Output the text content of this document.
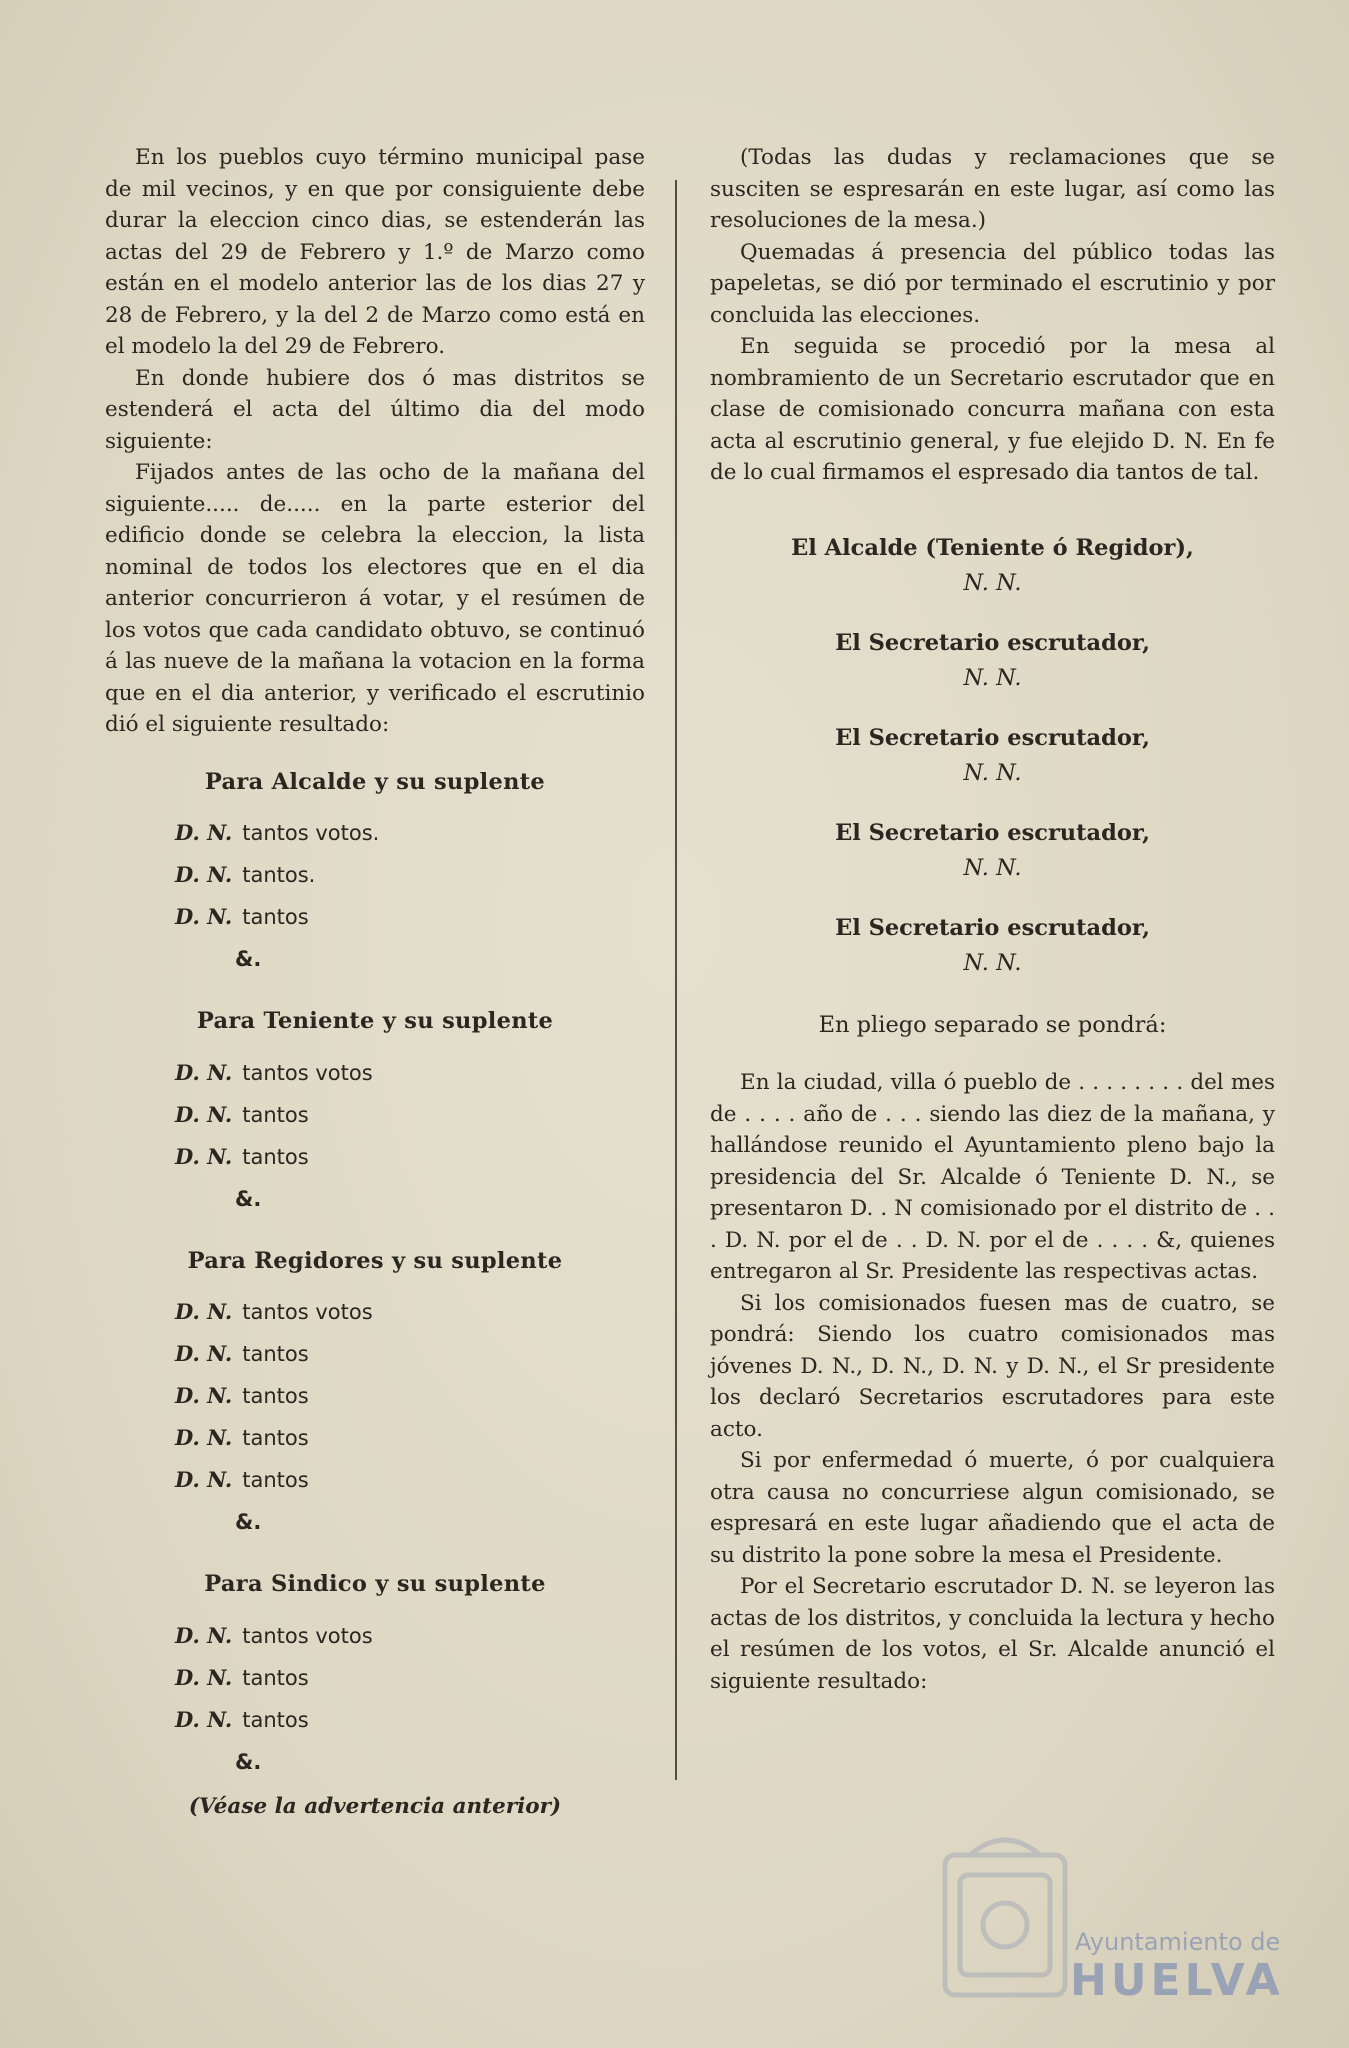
En los pueblos cuyo término municipal pase de mil vecinos, y en que por consiguiente debe durar la eleccion cinco dias, se estenderán las actas del 29 de Febrero y 1.º de Marzo como están en el modelo anterior las de los dias 27 y 28 de Febrero, y la del 2 de Marzo como está en el modelo la del 29 de Febrero.

En donde hubiere dos ó mas distritos se estenderá el acta del último dia del modo siguiente:

Fijados antes de las ocho de la mañana del siguiente..... de..... en la parte esterior del edificio donde se celebra la eleccion, la lista nominal de todos los electores que en el dia anterior concurrieron á votar, y el resúmen de los votos que cada candidato obtuvo, se continuó á las nueve de la mañana la votacion en la forma que en el dia anterior, y verificado el escrutinio dió el siguiente resultado:

Para Alcalde y su suplente
D. N. tantos votos.
D. N. tantos.
D. N. tantos
&.
Para Teniente y su suplente
D. N. tantos votos
D. N. tantos
D. N. tantos
&.
Para Regidores y su suplente
D. N. tantos votos
D. N. tantos
D. N. tantos
D. N. tantos
D. N. tantos
&.
Para Sindico y su suplente
D. N. tantos votos
D. N. tantos
D. N. tantos
&.
(Véase la advertencia anterior)

(Todas las dudas y reclamaciones que se susciten se espresarán en este lugar, así como las resoluciones de la mesa.)

Quemadas á presencia del público todas las papeletas, se dió por terminado el escrutinio y por concluida las elecciones.

En seguida se procedió por la mesa al nombramiento de un Secretario escrutador que en clase de comisionado concurra mañana con esta acta al escrutinio general, y fue elejido D. N. En fe de lo cual firmamos el espresado dia tantos de tal.

El Alcalde (Teniente ó Regidor),
N. N.
El Secretario escrutador,
N. N.
El Secretario escrutador,
N. N.
El Secretario escrutador,
N. N.
El Secretario escrutador,
N. N.
En pliego separado se pondrá:

En la ciudad, villa ó pueblo de . . . . . . . . del mes de . . . . año de . . . siendo las diez de la mañana, y hallándose reunido el Ayuntamiento pleno bajo la presidencia del Sr. Alcalde ó Teniente D. N., se presentaron D. . N comisionado por el distrito de . . . D. N. por el de . . D. N. por el de . . . . &, quienes entregaron al Sr. Presidente las respectivas actas.

Si los comisionados fuesen mas de cuatro, se pondrá: Siendo los cuatro comisionados mas jóvenes D. N., D. N., D. N. y D. N., el Sr presidente los declaró Secretarios escrutadores para este acto.

Si por enfermedad ó muerte, ó por cualquiera otra causa no concurriese algun comisionado, se espresará en este lugar añadiendo que el acta de su distrito la pone sobre la mesa el Presidente.

Por el Secretario escrutador D. N. se leyeron las actas de los distritos, y concluida la lectura y hecho el resúmen de los votos, el Sr. Alcalde anunció el siguiente resultado:

Ayuntamiento de
HUELVA
